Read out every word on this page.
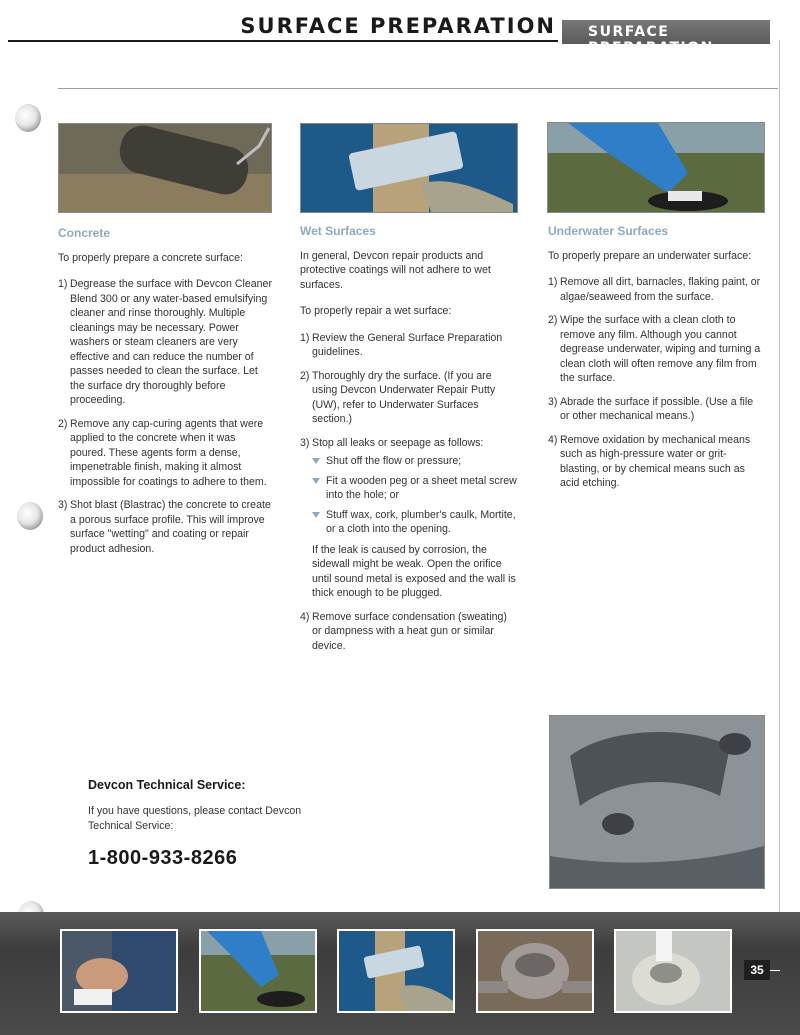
SURFACE PREPARATION SURFACE PREPARATION
Concrete

To properly prepare a concrete surface:

1) Degrease the surface with Devcon Cleaner Blend 300 or any water-based emulsifying cleaner and rinse thoroughly. Multiple cleanings may be necessary. Power washers or steam cleaners are very effective and can reduce the number of passes needed to clean the surface. Let the surface dry thoroughly before proceeding.
2) Remove any cap-curing agents that were applied to the concrete when it was poured. These agents form a dense, impenetrable finish, making it almost impossible for coatings to adhere to them.
3) Shot blast (Blastrac) the concrete to create a porous surface profile. This will improve surface "wetting" and coating or repair product adhesion.
Wet Surfaces

In general, Devcon repair products and protective coatings will not adhere to wet surfaces.

To properly repair a wet surface:

1) Review the General Surface Preparation guidelines.
2) Thoroughly dry the surface. (If you are using Devcon Underwater Repair Putty (UW), refer to Underwater Surfaces section.)
3) Stop all leaks or seepage as follows:
Shut off the flow or pressure;
Fit a wooden peg or a sheet metal screw into the hole; or
Stuff wax, cork, plumber's caulk, Mortite, or a cloth into the opening.
If the leak is caused by corrosion, the sidewall might be weak. Open the orifice until sound metal is exposed and the wall is thick enough to be plugged.
4) Remove surface condensation (sweating) or dampness with a heat gun or similar device.
Underwater Surfaces

To properly prepare an underwater surface:

1) Remove all dirt, barnacles, flaking paint, or algae/seaweed from the surface.
2) Wipe the surface with a clean cloth to remove any film. Although you cannot degrease underwater, wiping and turning a clean cloth will often remove any film from the surface.
3) Abrade the surface if possible. (Use a file or other mechanical means.)
4) Remove oxidation by mechanical means such as high-pressure water or grit-blasting, or by chemical means such as acid etching.
Devcon Technical Service:

If you have questions, please contact Devcon Technical Service:

1-800-933-8266
35
